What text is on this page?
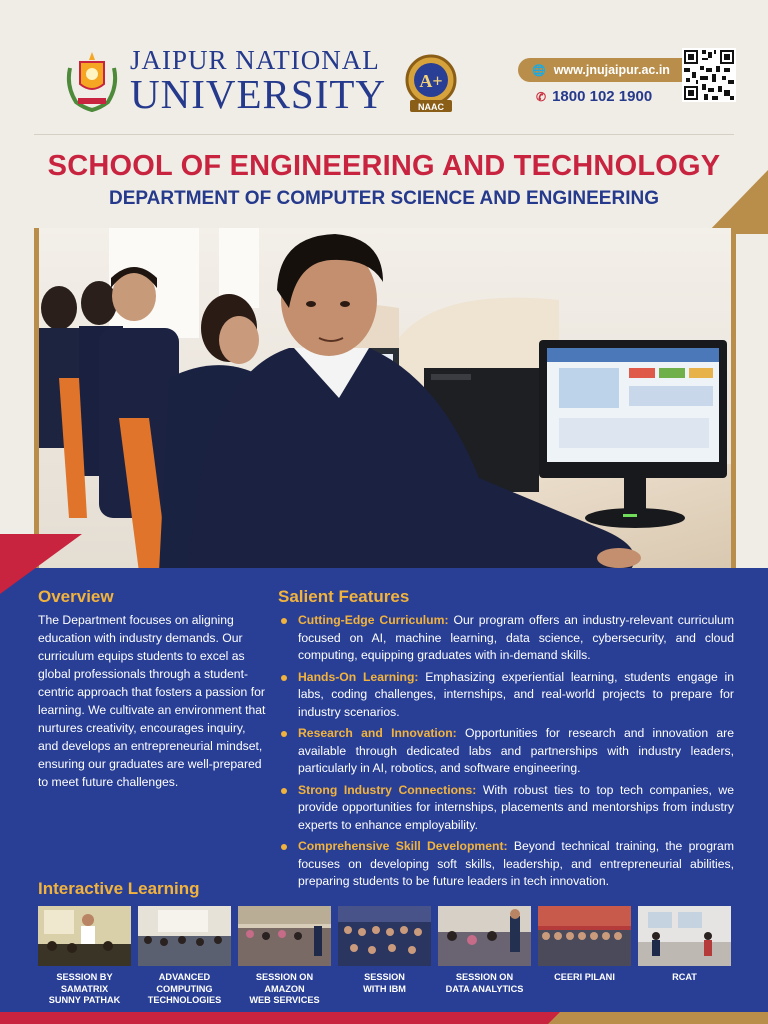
JAIPUR NATIONAL
UNIVERSITY A+
NAAC
🌐 www.jnujaipur.ac.in
✆ 1800 102 1900
SCHOOL OF ENGINEERING AND TECHNOLOGY
DEPARTMENT OF COMPUTER SCIENCE AND ENGINEERING
Overview

The Department focuses on aligning education with industry demands. Our curriculum equips students to excel as global professionals through a student-centric approach that fosters a passion for learning. We cultivate an environment that nurtures creativity, encourages inquiry, and develops an entrepreneurial mindset, ensuring our graduates are well-prepared to meet future challenges.

Salient Features
Cutting-Edge Curriculum: Our program offers an industry-relevant curriculum focused on AI, machine learning, data science, cybersecurity, and cloud computing, equipping graduates with in-demand skills.
Hands-On Learning: Emphasizing experiential learning, students engage in labs, coding challenges, internships, and real-world projects to prepare for industry scenarios.
Research and Innovation: Opportunities for research and innovation are available through dedicated labs and partnerships with industry leaders, particularly in AI, robotics, and software engineering.
Strong Industry Connections: With robust ties to top tech companies, we provide opportunities for internships, placements and mentorships from industry experts to enhance employability.
Comprehensive Skill Development: Beyond technical training, the program focuses on developing soft skills, leadership, and entrepreneurial abilities, preparing students to be future leaders in tech innovation.
Interactive Learning
SESSION BY
SAMATRIX
SUNNY PATHAK
ADVANCED
COMPUTING
TECHNOLOGIES
SESSION ON
AMAZON
WEB SERVICES
SESSION
WITH IBM
SESSION ON
DATA ANALYTICS
CEERI PILANI	RCAT
